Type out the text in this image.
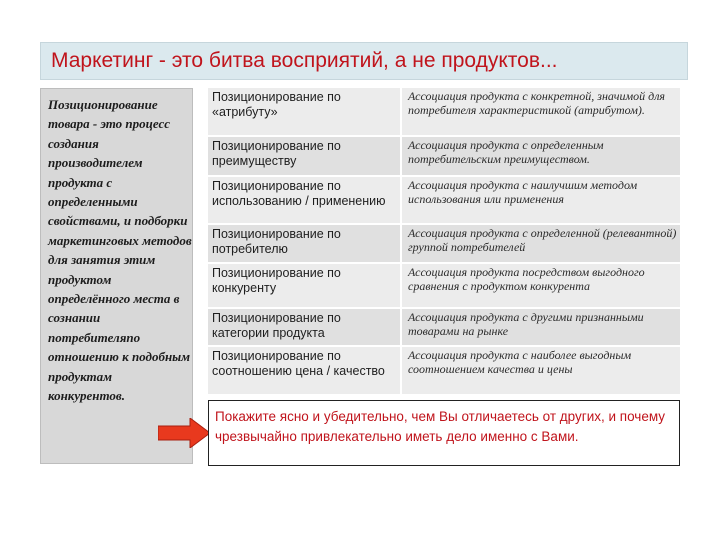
Маркетинг - это битва восприятий, а не продуктов...
Позиционирование товара - это процесс создания производителем продукта с определенными свойствами, и подборки маркетинговых методов для занятия этим продуктом определённого места в сознании потребителяпо отношению к подобным продуктам конкурентов.
Позиционирование по «атрибуту»
Ассоциация продукта с конкретной, значимой для потребителя характеристикой (атрибутом).
Позиционирование по преимуществу
Ассоциация продукта с определенным потребительским преимуществом.
Позиционирование по использованию / применению
Ассоциация продукта с наилучшим методом использования или применения
Позиционирование по потребителю
Ассоциация продукта с определенной (релевантной) группой потребителей
Позиционирование по конкуренту
Ассоциация продукта посредством выгодного сравнения с продуктом конкурента
Позиционирование по категории продукта
Ассоциация продукта с другими признанными товарами на рынке
Позиционирование по соотношению цена / качество
Ассоциация продукта с наиболее выгодным соотношением качества и цены
Покажите ясно и убедительно, чем Вы отличаетесь от других, и почему чрезвычайно привлекательно иметь дело именно с Вами.
